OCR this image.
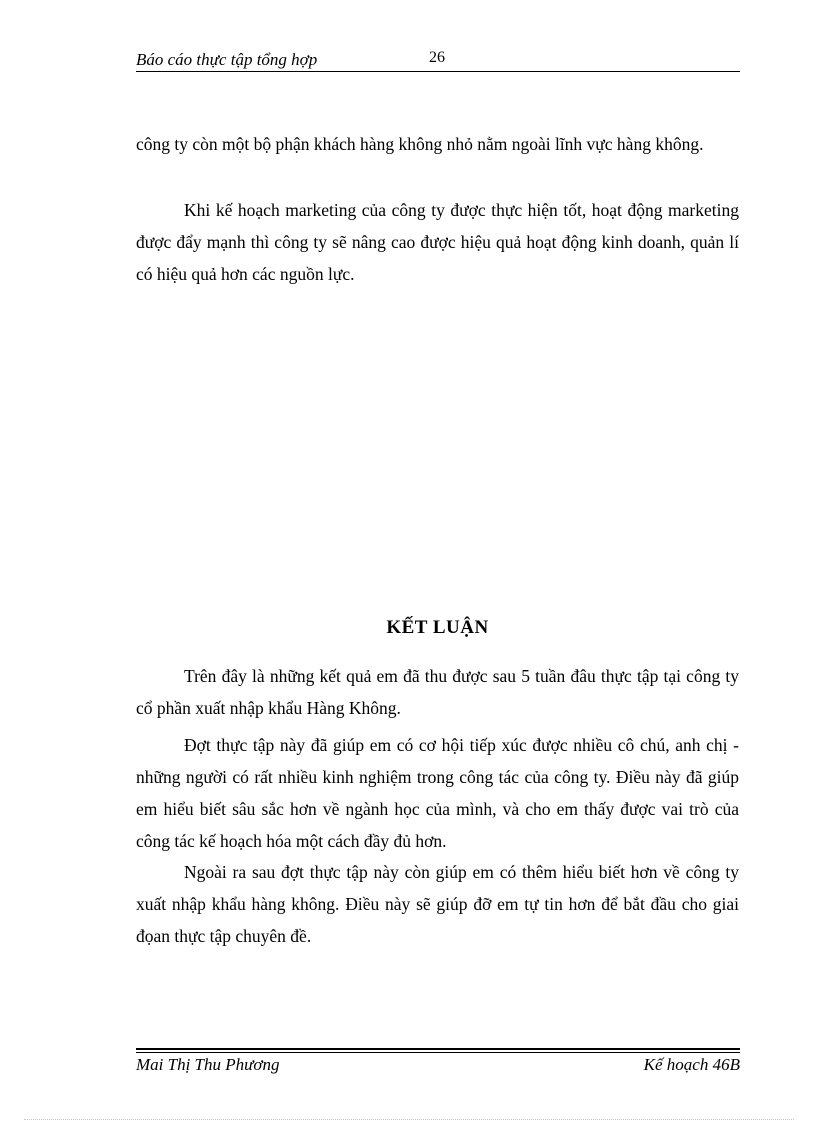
Báo cáo thực tập tổng hợp	26

công ty còn một bộ phận khách hàng không nhỏ nằm ngoài lĩnh vực hàng không.

Khi kế hoạch marketing của công ty được thực hiện tốt, hoạt động marketing được đẩy mạnh thì công ty sẽ nâng cao được hiệu quả hoạt động kinh doanh, quản lí có hiệu quả hơn các nguồn lực.

KẾT LUẬN

Trên đây là những kết quả em đã thu được sau 5 tuần đâu thực tập tại công ty cổ phần xuất nhập khẩu Hàng Không.

Đợt thực tập này đã giúp em có cơ hội tiếp xúc được nhiều cô chú, anh chị - những người có rất nhiều kinh nghiệm trong công tác của công ty. Điều này đã giúp em hiểu biết sâu sắc hơn về ngành học của mình, và cho em thấy được vai trò của công tác kế hoạch hóa một cách đầy đủ hơn.

Ngoài ra sau đợt thực tập này còn giúp em có thêm hiểu biết hơn về công ty xuất nhập khẩu hàng không. Điều này sẽ giúp đỡ em tự tin hơn để bắt đầu cho giai đọan thực tập chuyên đề.

Mai Thị Thu Phương	Kế hoạch 46B
